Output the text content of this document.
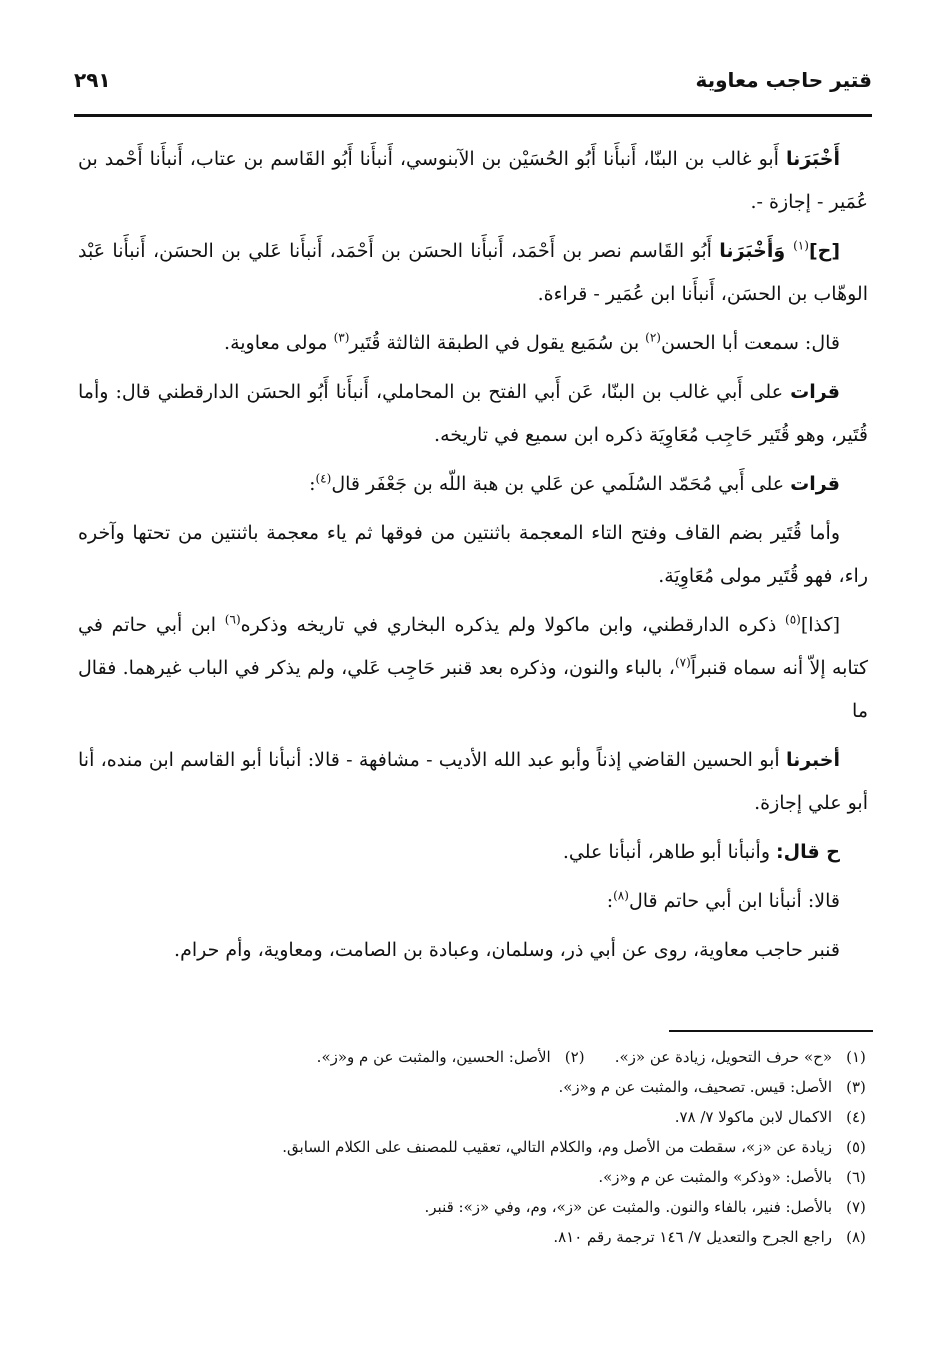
قتير حاجب معاوية
٢٩١

أَخْبَرَنا أَبو غالب بن البنّا، أَنبأَنا أَبُو الحُسَيْن بن الآبنوسي، أَنبأَنا أَبُو القَاسم بن عتاب، أَنبأَنا أَحْمد بن عُمَير - إجازة -.

[ح]$^{(١)}$ وَأَخْبَرَنا أَبُو القَاسم نصر بن أَحْمَد، أَنبأَنا الحسَن بن أَحْمَد، أَنبأَنا عَلي بن الحسَن، أَنبأَنا عَبْد الوهّاب بن الحسَن، أَنبأَنا ابن عُمَير - قراءة.

قال: سمعت أبا الحسن$^{(٢)}$ بن سُمَيع يقول في الطبقة الثالثة قُتَير$^{(٣)}$ مولى معاوية.

قرات على أَبي غالب بن البنّا، عَن أَبي الفتح بن المحاملي، أَنبأَنا أَبُو الحسَن الدارقطني قال: وأما قُتَير، وهو قُتَير حَاجِب مُعَاوِيَة ذكره ابن سميع في تاريخه.

قرات على أَبي مُحَمّد السُلَمي عن عَلي بن هبة اللّه بن جَعْفَر قال$^{(٤)}$:

وأما قُتَير بضم القاف وفتح التاء المعجمة باثنتين من فوقها ثم ياء معجمة باثنتين من تحتها وآخره راء، فهو قُتَير مولى مُعَاوِيَة.

[كذا]$^{(٥)}$ ذكره الدارقطني، وابن ماكولا ولم يذكره البخاري في تاريخه وذكره$^{(٦)}$ ابن أبي حاتم في كتابه إلاّ أنه سماه قنبراً$^{(٧)}$، بالباء والنون، وذكره بعد قنبر حَاجِب عَلي، ولم يذكر في الباب غيرهما. فقال ما

أخبرنا أبو الحسين القاضي إذناً وأبو عبد الله الأديب - مشافهة - قالا: أنبأنا أبو القاسم ابن منده، أنا أبو علي إجازة.

ح قال: وأنبأنا أبو طاهر، أنبأنا علي.

قالا: أنبأنا ابن أبي حاتم قال$^{(٨)}$:

قنبر حاجب معاوية، روى عن أبي ذر، وسلمان، وعبادة بن الصامت، ومعاوية، وأم حرام.

(١)
«ح» حرف التحويل، زيادة عن «ز».
(٢)
الأصل: الحسين، والمثبت عن م و«ز».
(٣)
الأصل: قيس. تصحيف، والمثبت عن م و«ز».
(٤)
الاكمال لابن ماكولا ٧/ ٧٨.
(٥)
زيادة عن «ز»، سقطت من الأصل وم، والكلام التالي، تعقيب للمصنف على الكلام السابق.
(٦)
بالأصل: «وذكر» والمثبت عن م و«ز».
(٧)
بالأصل: فنير، بالفاء والنون. والمثبت عن «ز»، وم، وفي «ز»: قنبر.
(٨)
راجع الجرح والتعديل ٧/ ١٤٦ ترجمة رقم ٨١٠.
